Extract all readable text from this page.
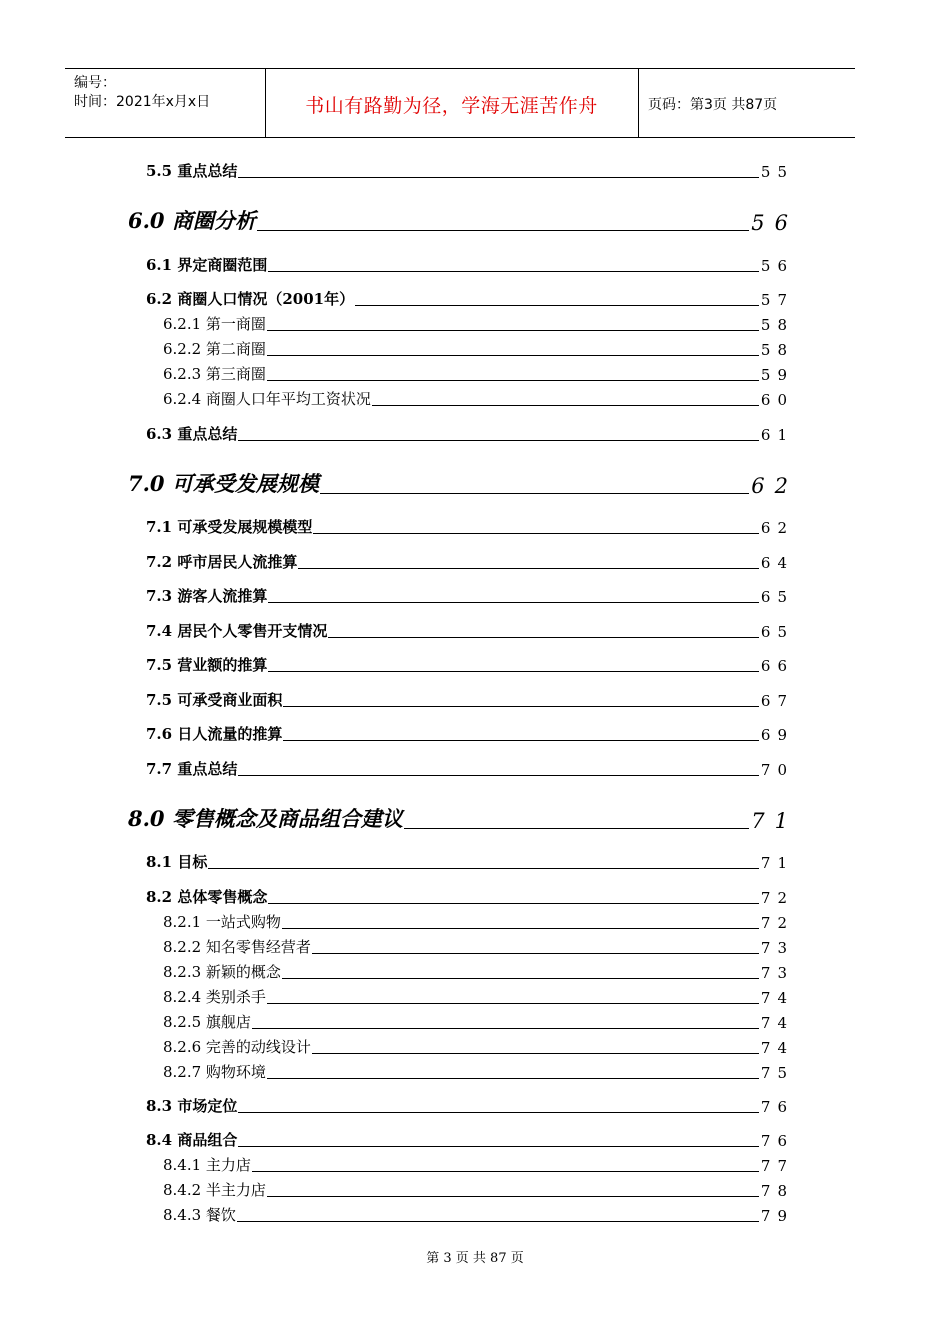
编号：
时间：2021年x月x日	书山有路勤为径，学海无涯苦作舟	页码：第3页 共87页
5.5 重点总结	55
6.0 商圈分析	56
6.1 界定商圈范围	56
6.2 商圈人口情况（2001年）	57
6.2.1 第一商圈	58
6.2.2 第二商圈	58
6.2.3 第三商圈	59
6.2.4 商圈人口年平均工资状况	60
6.3 重点总结	61
7.0 可承受发展规模	62
7.1 可承受发展规模模型	62
7.2 呼市居民人流推算	64
7.3 游客人流推算	65
7.4 居民个人零售开支情况	65
7.5 营业额的推算	66
7.5 可承受商业面积	67
7.6 日人流量的推算	69
7.7 重点总结	70
8.0 零售概念及商品组合建议	71
8.1 目标	71
8.2 总体零售概念	72
8.2.1 一站式购物	72
8.2.2 知名零售经营者	73
8.2.3 新颖的概念	73
8.2.4 类别杀手	74
8.2.5 旗舰店	74
8.2.6 完善的动线设计	74
8.2.7 购物环境	75
8.3 市场定位	76
8.4 商品组合	76
8.4.1 主力店	77
8.4.2 半主力店	78
8.4.3 餐饮	79
第 3 页 共 87 页
